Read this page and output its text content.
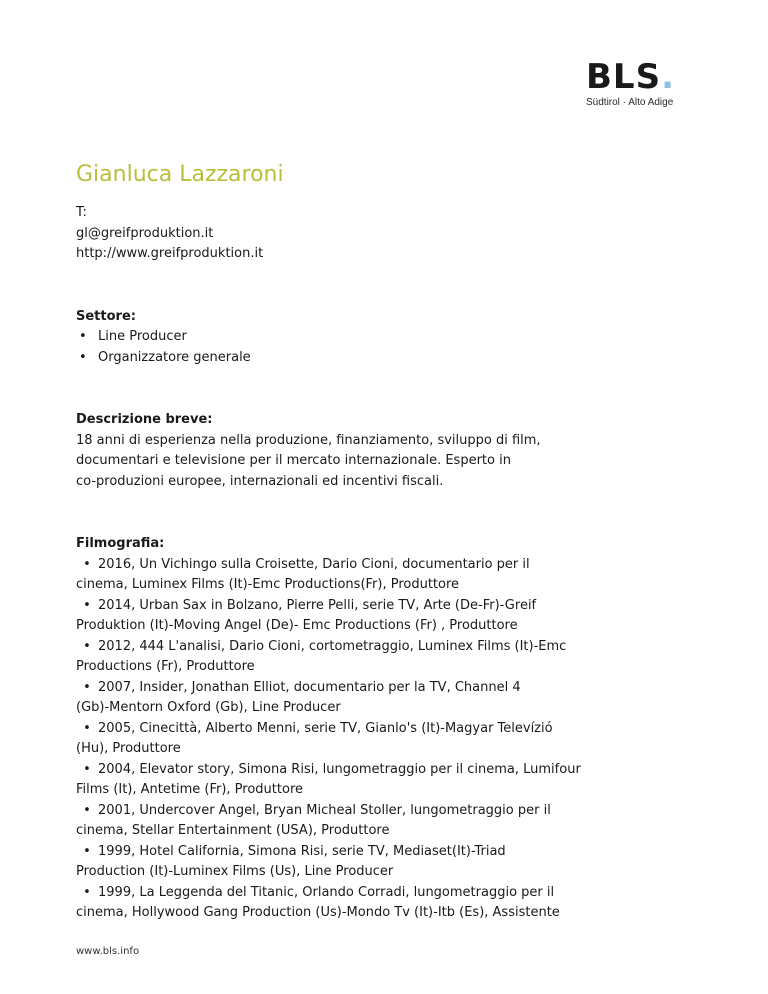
BLS.
Südtirol · Alto Adige
Gianluca Lazzaroni
T:
gl@greifproduktion.it
http://www.greifproduktion.it
Settore:
• Line Producer
• Organizzatore generale
Descrizione breve:
18 anni di esperienza nella produzione, finanziamento, sviluppo di film,
documentari e televisione per il mercato internazionale. Esperto in
co-produzioni europee, internazionali ed incentivi fiscali.
Filmografia:
• 2016, Un Vichingo sulla Croisette, Dario Cioni, documentario per il
cinema, Luminex Films (It)-Emc Productions(Fr), Produttore
• 2014, Urban Sax in Bolzano, Pierre Pelli, serie TV, Arte (De-Fr)-Greif
Produktion (It)-Moving Angel (De)- Emc Productions (Fr) , Produttore
• 2012, 444 L'analisi, Dario Cioni, cortometraggio, Luminex Films (It)-Emc
Productions (Fr), Produttore
• 2007, Insider, Jonathan Elliot, documentario per la TV, Channel 4
(Gb)-Mentorn Oxford (Gb), Line Producer
• 2005, Cinecittà, Alberto Menni, serie TV, Gianlo's (It)-Magyar Televízió
(Hu), Produttore
• 2004, Elevator story, Simona Risi, lungometraggio per il cinema, Lumifour
Films (It), Antetime (Fr), Produttore
• 2001, Undercover Angel, Bryan Micheal Stoller, lungometraggio per il
cinema, Stellar Entertainment (USA), Produttore
• 1999, Hotel California, Simona Risi, serie TV, Mediaset(It)-Triad
Production (It)-Luminex Films (Us), Line Producer
• 1999, La Leggenda del Titanic, Orlando Corradi, lungometraggio per il
cinema, Hollywood Gang Production (Us)-Mondo Tv (It)-Itb (Es), Assistente
www.bls.info
